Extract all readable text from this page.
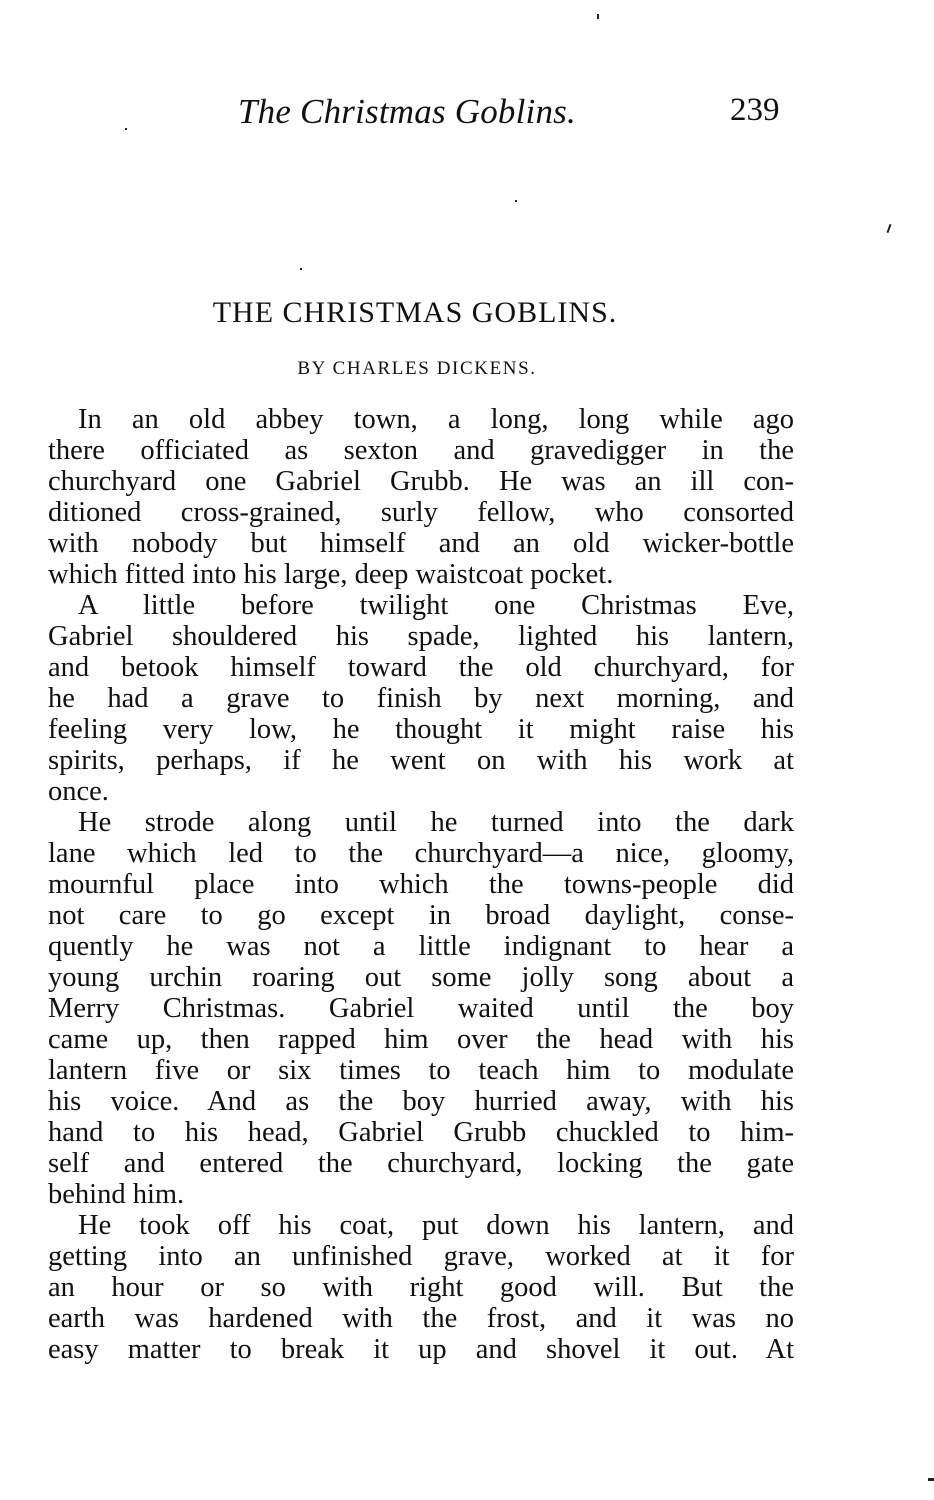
The Christmas Goblins.	239
THE CHRISTMAS GOBLINS.
BY CHARLES DICKENS.
In an old abbey town, a long, long while ago
there officiated as sexton and gravedigger in the
churchyard one Gabriel Grubb. He was an ill con-
ditioned cross-grained, surly fellow, who consorted
with nobody but himself and an old wicker-bottle
which fitted into his large, deep waistcoat pocket.
A little before twilight one Christmas Eve,
Gabriel shouldered his spade, lighted his lantern,
and betook himself toward the old churchyard, for
he had a grave to finish by next morning, and
feeling very low, he thought it might raise his
spirits, perhaps, if he went on with his work at
once.
He strode along until he turned into the dark
lane which led to the churchyard—a nice, gloomy,
mournful place into which the towns-people did
not care to go except in broad daylight, conse-
quently he was not a little indignant to hear a
young urchin roaring out some jolly song about a
Merry Christmas. Gabriel waited until the boy
came up, then rapped him over the head with his
lantern five or six times to teach him to modulate
his voice. And as the boy hurried away, with his
hand to his head, Gabriel Grubb chuckled to him-
self and entered the churchyard, locking the gate
behind him.
He took off his coat, put down his lantern, and
getting into an unfinished grave, worked at it for
an hour or so with right good will. But the
earth was hardened with the frost, and it was no
easy matter to break it up and shovel it out. At
